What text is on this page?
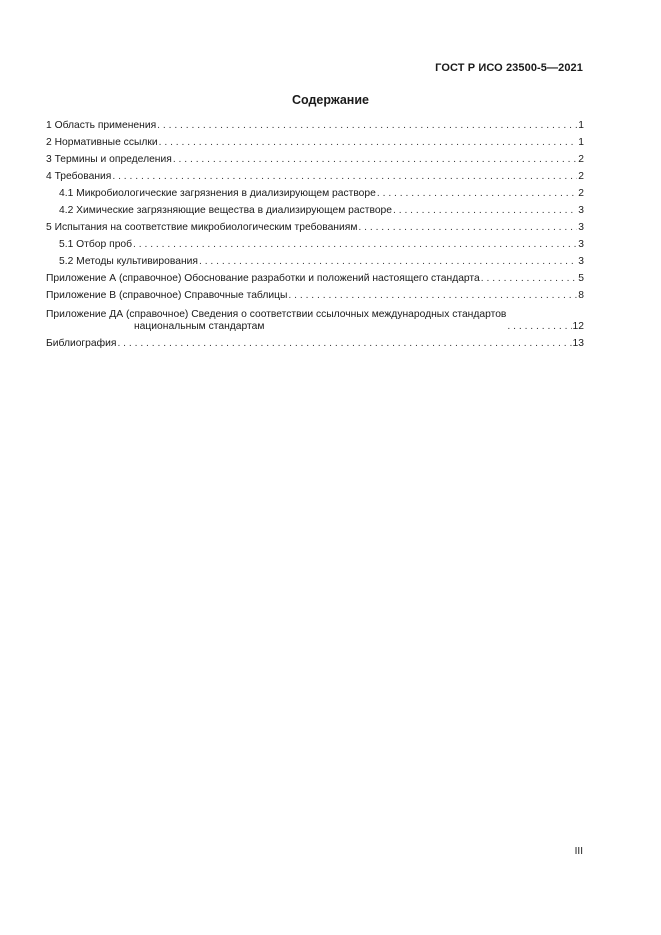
ГОСТ Р ИСО 23500-5—2021
Содержание
1 Область применения . . .	1
2 Нормативные ссылки . . .	1
3 Термины и определения . . .	2
4 Требования . . .	2
4.1 Микробиологические загрязнения в диализирующем растворе . . .	2
4.2 Химические загрязняющие вещества в диализирующем растворе . . .	3
5 Испытания на соответствие микробиологическим требованиям . . .	3
5.1 Отбор проб . . .	3
5.2 Методы культивирования . . .	3
Приложение А (справочное) Обоснование разработки и положений настоящего стандарта . . .	5
Приложение В (справочное) Справочные таблицы . . .	8
Приложение ДА (справочное) Сведения о соответствии ссылочных международных стандартов
национальным стандартам . . .	12
Библиография . . .	13
III
